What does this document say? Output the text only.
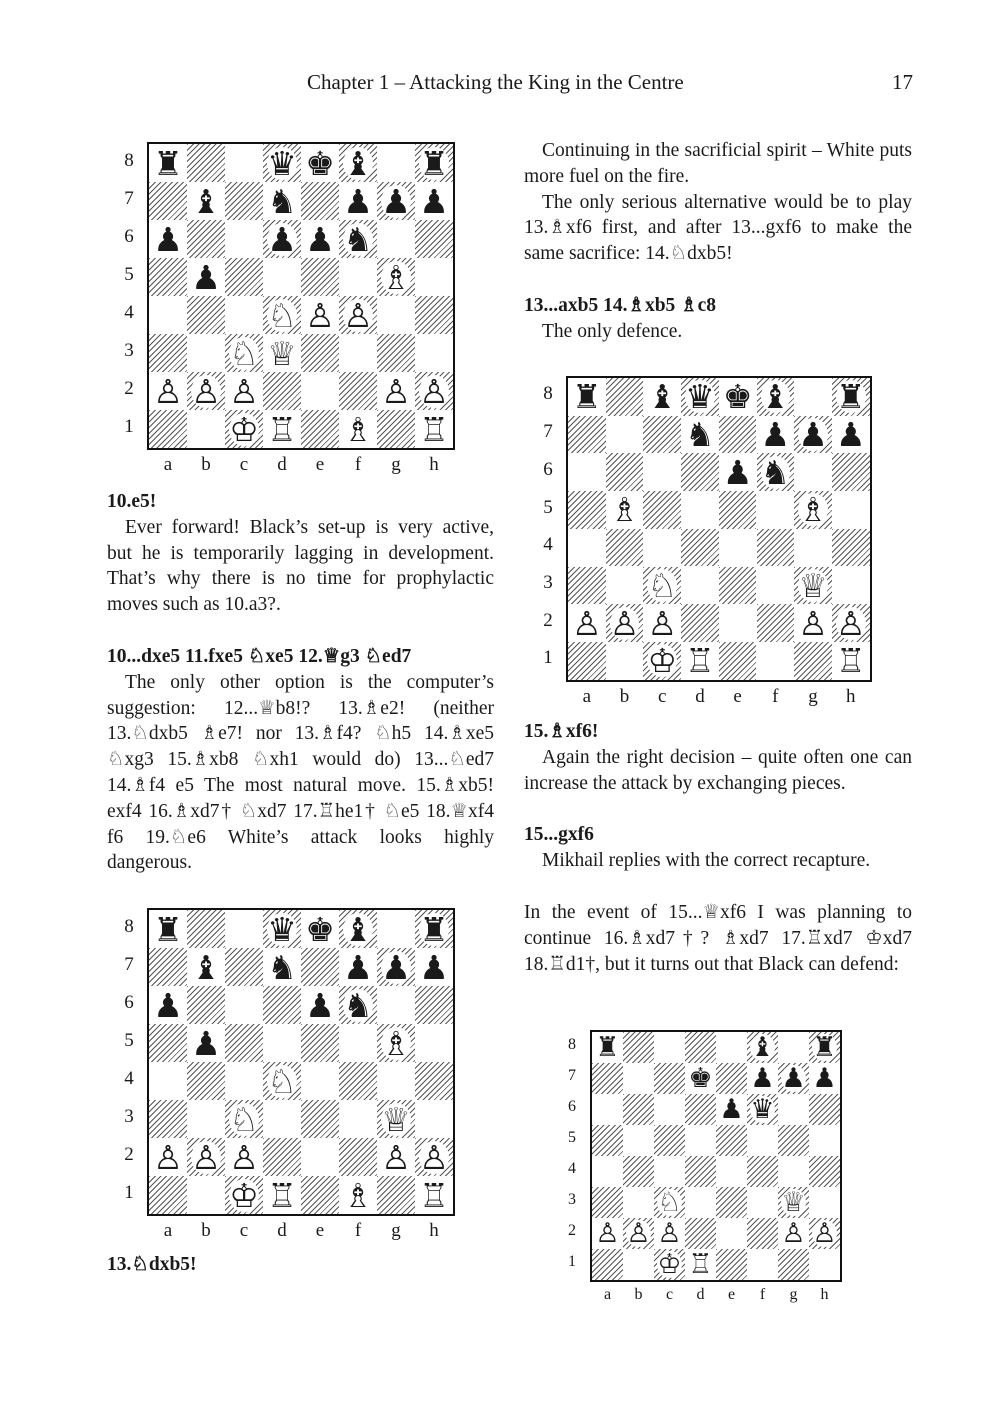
Chapter 1 – Attacking the King in the Centre	17
♜	♛ ♚ ♝ ♜
♝ ♞ ♟ ♟ ♟
♟	♟ ♟ ♞
♟	♗
♘ ♙ ♙
♘ ♕
♙ ♙ ♙	♙ ♙
♔ ♖ ♗ ♖
8
7
6
5
4
3
2
1
a	b	c	d	e	f	g	h
♜ ♝ ♛ ♚ ♝ ♜
♞ ♟ ♟ ♟
♟ ♞
♗	♗
♘	♕
♙ ♙ ♙	♙ ♙
♔ ♖	♖
8
7
6
5
4
3
2
1
a	b	c	d	e	f	g	h
♜	♛ ♚ ♝ ♜
♝ ♞ ♟ ♟ ♟
♟	♟ ♞
♟	♗
♘
♘	♕
♙ ♙ ♙	♙ ♙
♔ ♖ ♗ ♖
8
7
6
5
4
3
2
1
a	b	c	d	e	f	g	h
♜	♝ ♜
♚ ♟ ♟ ♟
♟ ♛
♘	♕
♙ ♙ ♙	♙ ♙
♔ ♖
8
7
6
5
4
3
2
1
a	b	c	d	e	f	g	h
10.e5!

Ever forward! Black’s set-up is very active, but he is temporarily lagging in development. That’s why there is no time for prophylactic moves such as 10.a3?.

10...dxe5 11.fxe5 ♘xe5 12.♕g3 ♘ed7

The only other option is the computer’s suggestion: 12...♕b8!? 13.♗e2! (neither 13.♘dxb5 ♗e7! nor 13.♗f4? ♘h5 14.♗xe5 ♘xg3 15.♗xb8 ♘xh1 would do) 13...♘ed7 14.♗f4 e5 The most natural move. 15.♗xb5! exf4 16.♗xd7† ♘xd7 17.♖he1† ♘e5 18.♕xf4 f6 19.♘e6 White’s attack looks highly dangerous.

13.♘dxb5!

Continuing in the sacrificial spirit – White puts more fuel on the fire.

The only serious alternative would be to play 13.♗xf6 first, and after 13...gxf6 to make the same sacrifice: 14.♘dxb5!

13...axb5 14.♗xb5 ♗c8

The only defence.

15.♗xf6!

Again the right decision – quite often one can increase the attack by exchanging pieces.

15...gxf6

Mikhail replies with the correct recapture.

In the event of 15...♕xf6 I was planning to continue 16.♗xd7†? ♗xd7 17.♖xd7 ♔xd7 18.♖d1†, but it turns out that Black can defend:
